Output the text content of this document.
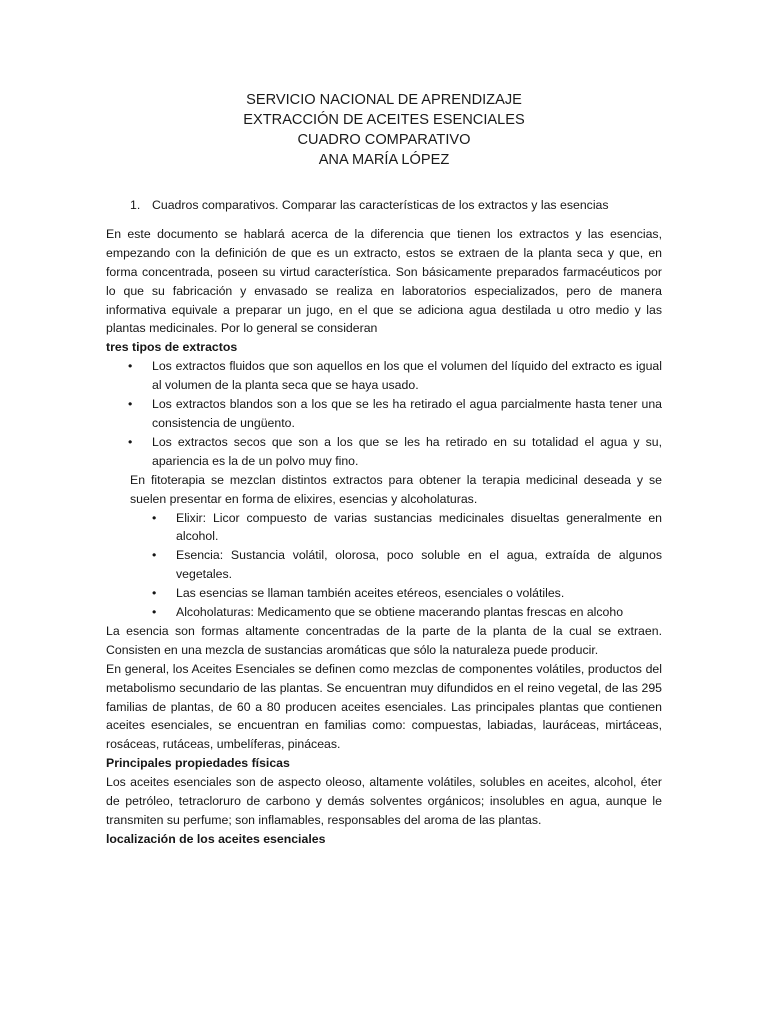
SERVICIO NACIONAL DE APRENDIZAJE
EXTRACCIÓN DE ACEITES ESENCIALES
CUADRO COMPARATIVO
ANA MARÍA LÓPEZ
1. Cuadros comparativos. Comparar las características de los extractos y las esencias

En este documento se hablará acerca de la diferencia que tienen los extractos y las esencias, empezando con la definición de que es un extracto, estos se extraen de la planta seca y que, en forma concentrada, poseen su virtud característica. Son básicamente preparados farmacéuticos por lo que su fabricación y envasado se realiza en laboratorios especializados, pero de manera informativa equivale a preparar un jugo, en el que se adiciona agua destilada u otro medio y las plantas medicinales. Por lo general se consideran

tres tipos de extractos

• Los extractos fluidos que son aquellos en los que el volumen del líquido del extracto es igual al volumen de la planta seca que se haya usado.
• Los extractos blandos son a los que se les ha retirado el agua parcialmente hasta tener una consistencia de ungüento.
• Los extractos secos que son a los que se les ha retirado en su totalidad el agua y su, apariencia es la de un polvo muy fino.

En fitoterapia se mezclan distintos extractos para obtener la terapia medicinal deseada y se suelen presentar en forma de elixires, esencias y alcoholaturas.

• Elixir: Licor compuesto de varias sustancias medicinales disueltas generalmente en alcohol.
• Esencia: Sustancia volátil, olorosa, poco soluble en el agua, extraída de algunos vegetales.
• Las esencias se llaman también aceites etéreos, esenciales o volátiles.
• Alcoholaturas: Medicamento que se obtiene macerando plantas frescas en alcoho

La esencia son formas altamente concentradas de la parte de la planta de la cual se extraen. Consisten en una mezcla de sustancias aromáticas que sólo la naturaleza puede producir.

En general, los Aceites Esenciales se definen como mezclas de componentes volátiles, productos del metabolismo secundario de las plantas. Se encuentran muy difundidos en el reino vegetal, de las 295 familias de plantas, de 60 a 80 producen aceites esenciales. Las principales plantas que contienen aceites esenciales, se encuentran en familias como: compuestas, labiadas, lauráceas, mirtáceas, rosáceas, rutáceas, umbelíferas, pináceas.

Principales propiedades físicas

Los aceites esenciales son de aspecto oleoso, altamente volátiles, solubles en aceites, alcohol, éter de petróleo, tetracloruro de carbono y demás solventes orgánicos; insolubles en agua, aunque le transmiten su perfume; son inflamables, responsables del aroma de las plantas.

localización de los aceites esenciales
